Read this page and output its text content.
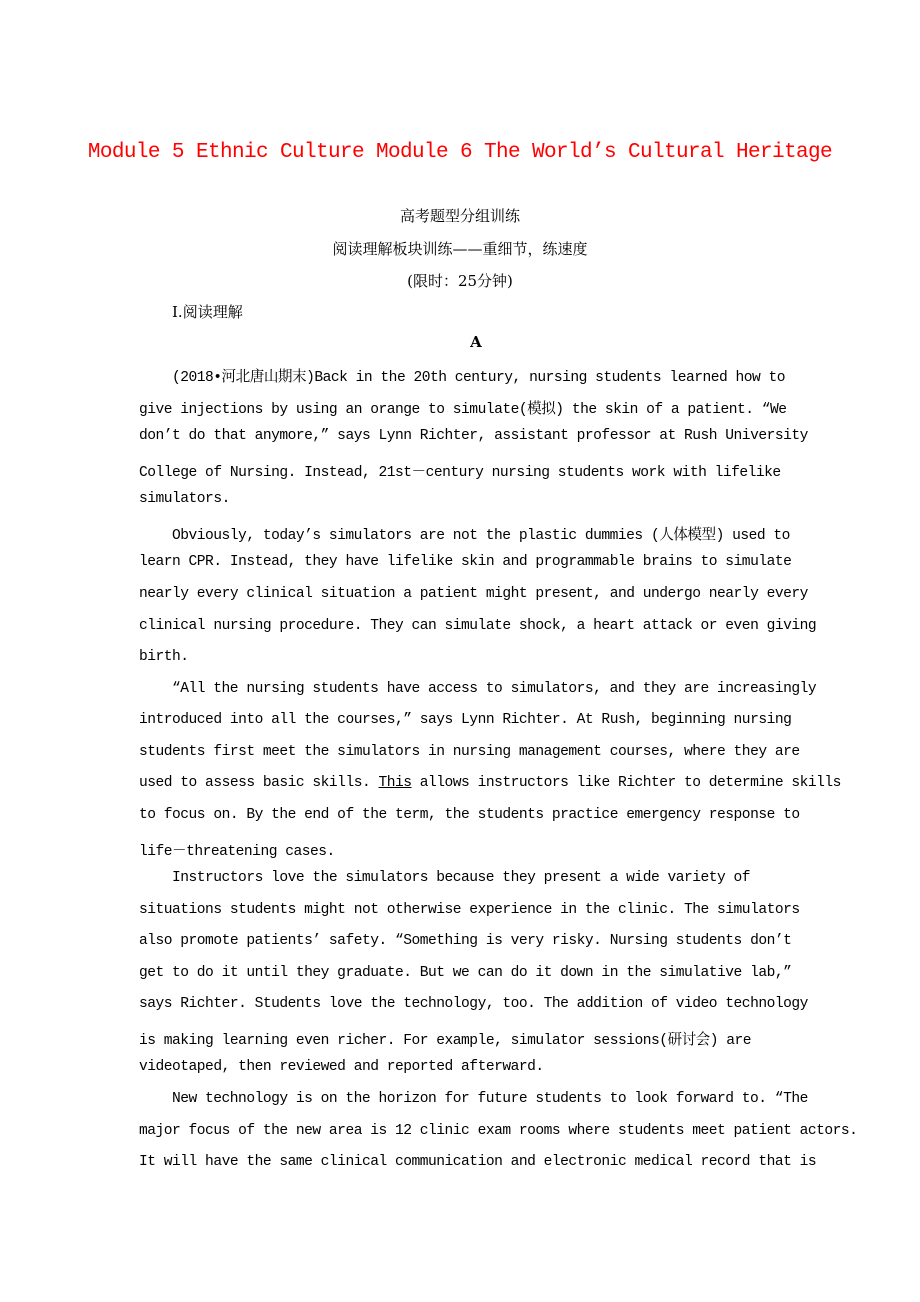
Module 5 Ethnic Culture Module 6 The World’s Cultural Heritage
高考题型分组训练
阅读理解板块训练——重细节，练速度
(限时：25分钟)
Ⅰ.阅读理解
A
(2018•河北唐山期末)Back in the 20th century, nursing students learned how to
give injections by using an orange to simulate(模拟) the skin of a patient. “We
don’t do that anymore,” says Lynn Richter, assistant professor at Rush University
College of Nursing. Instead, 21st－century nursing students work with lifelike
simulators.
Obviously, today’s simulators are not the plastic dummies (人体模型) used to
learn CPR. Instead, they have lifelike skin and programmable brains to simulate
nearly every clinical situation a patient might present, and undergo nearly every
clinical nursing procedure. They can simulate shock, a heart attack or even giving
birth.
“All the nursing students have access to simulators, and they are increasingly
introduced into all the courses,” says Lynn Richter. At Rush, beginning nursing
students first meet the simulators in nursing management courses, where they are
used to assess basic skills. This allows instructors like Richter to determine skills
to focus on. By the end of the term, the students practice emergency response to
life－threatening cases.
Instructors love the simulators because they present a wide variety of
situations students might not otherwise experience in the clinic. The simulators
also promote patients’ safety. “Something is very risky. Nursing students don’t
get to do it until they graduate. But we can do it down in the simulative lab,”
says Richter. Students love the technology, too. The addition of video technology
is making learning even richer. For example, simulator sessions(研讨会) are
videotaped, then reviewed and reported afterward.
New technology is on the horizon for future students to look forward to. “The
major focus of the new area is 12 clinic exam rooms where students meet patient actors.
It will have the same clinical communication and electronic medical record that is
